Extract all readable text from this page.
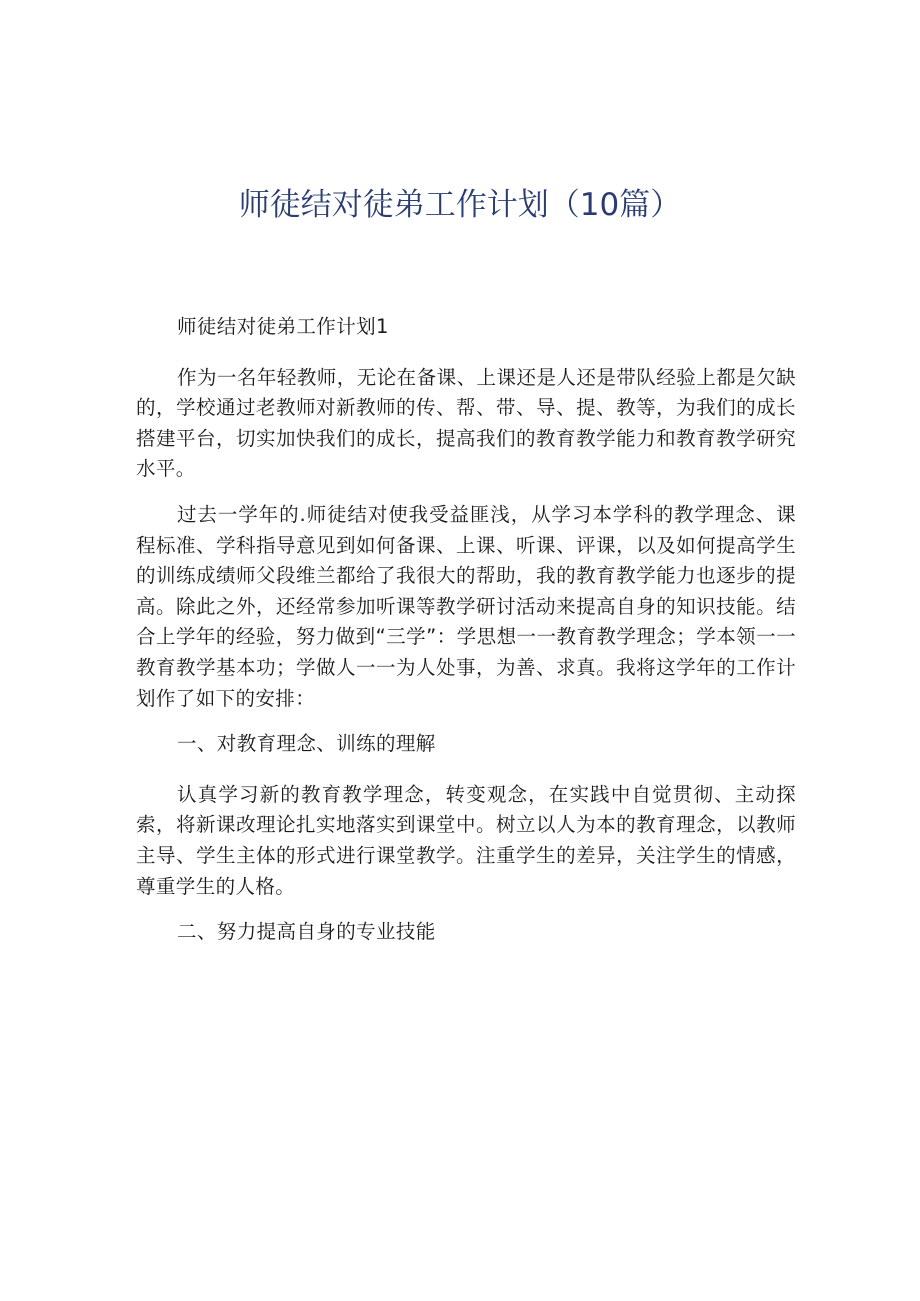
师徒结对徒弟工作计划（10篇）

师徒结对徒弟工作计划1

作为一名年轻教师，无论在备课、上课还是人还是带队经验上都是欠缺的，学校通过老教师对新教师的传、帮、带、导、提、教等，为我们的成长搭建平台，切实加快我们的成长，提高我们的教育教学能力和教育教学研究水平。

过去一学年的.师徒结对使我受益匪浅，从学习本学科的教学理念、课程标准、学科指导意见到如何备课、上课、听课、评课，以及如何提高学生的训练成绩师父段维兰都给了我很大的帮助，我的教育教学能力也逐步的提高。除此之外，还经常参加听课等教学研讨活动来提高自身的知识技能。结合上学年的经验，努力做到“三学”：学思想一一教育教学理念；学本领一一教育教学基本功；学做人一一为人处事，为善、求真。我将这学年的工作计划作了如下的安排：

一、对教育理念、训练的理解

认真学习新的教育教学理念，转变观念，在实践中自觉贯彻、主动探索，将新课改理论扎实地落实到课堂中。树立以人为本的教育理念，以教师主导、学生主体的形式进行课堂教学。注重学生的差异，关注学生的情感，尊重学生的人格。

二、努力提高自身的专业技能
